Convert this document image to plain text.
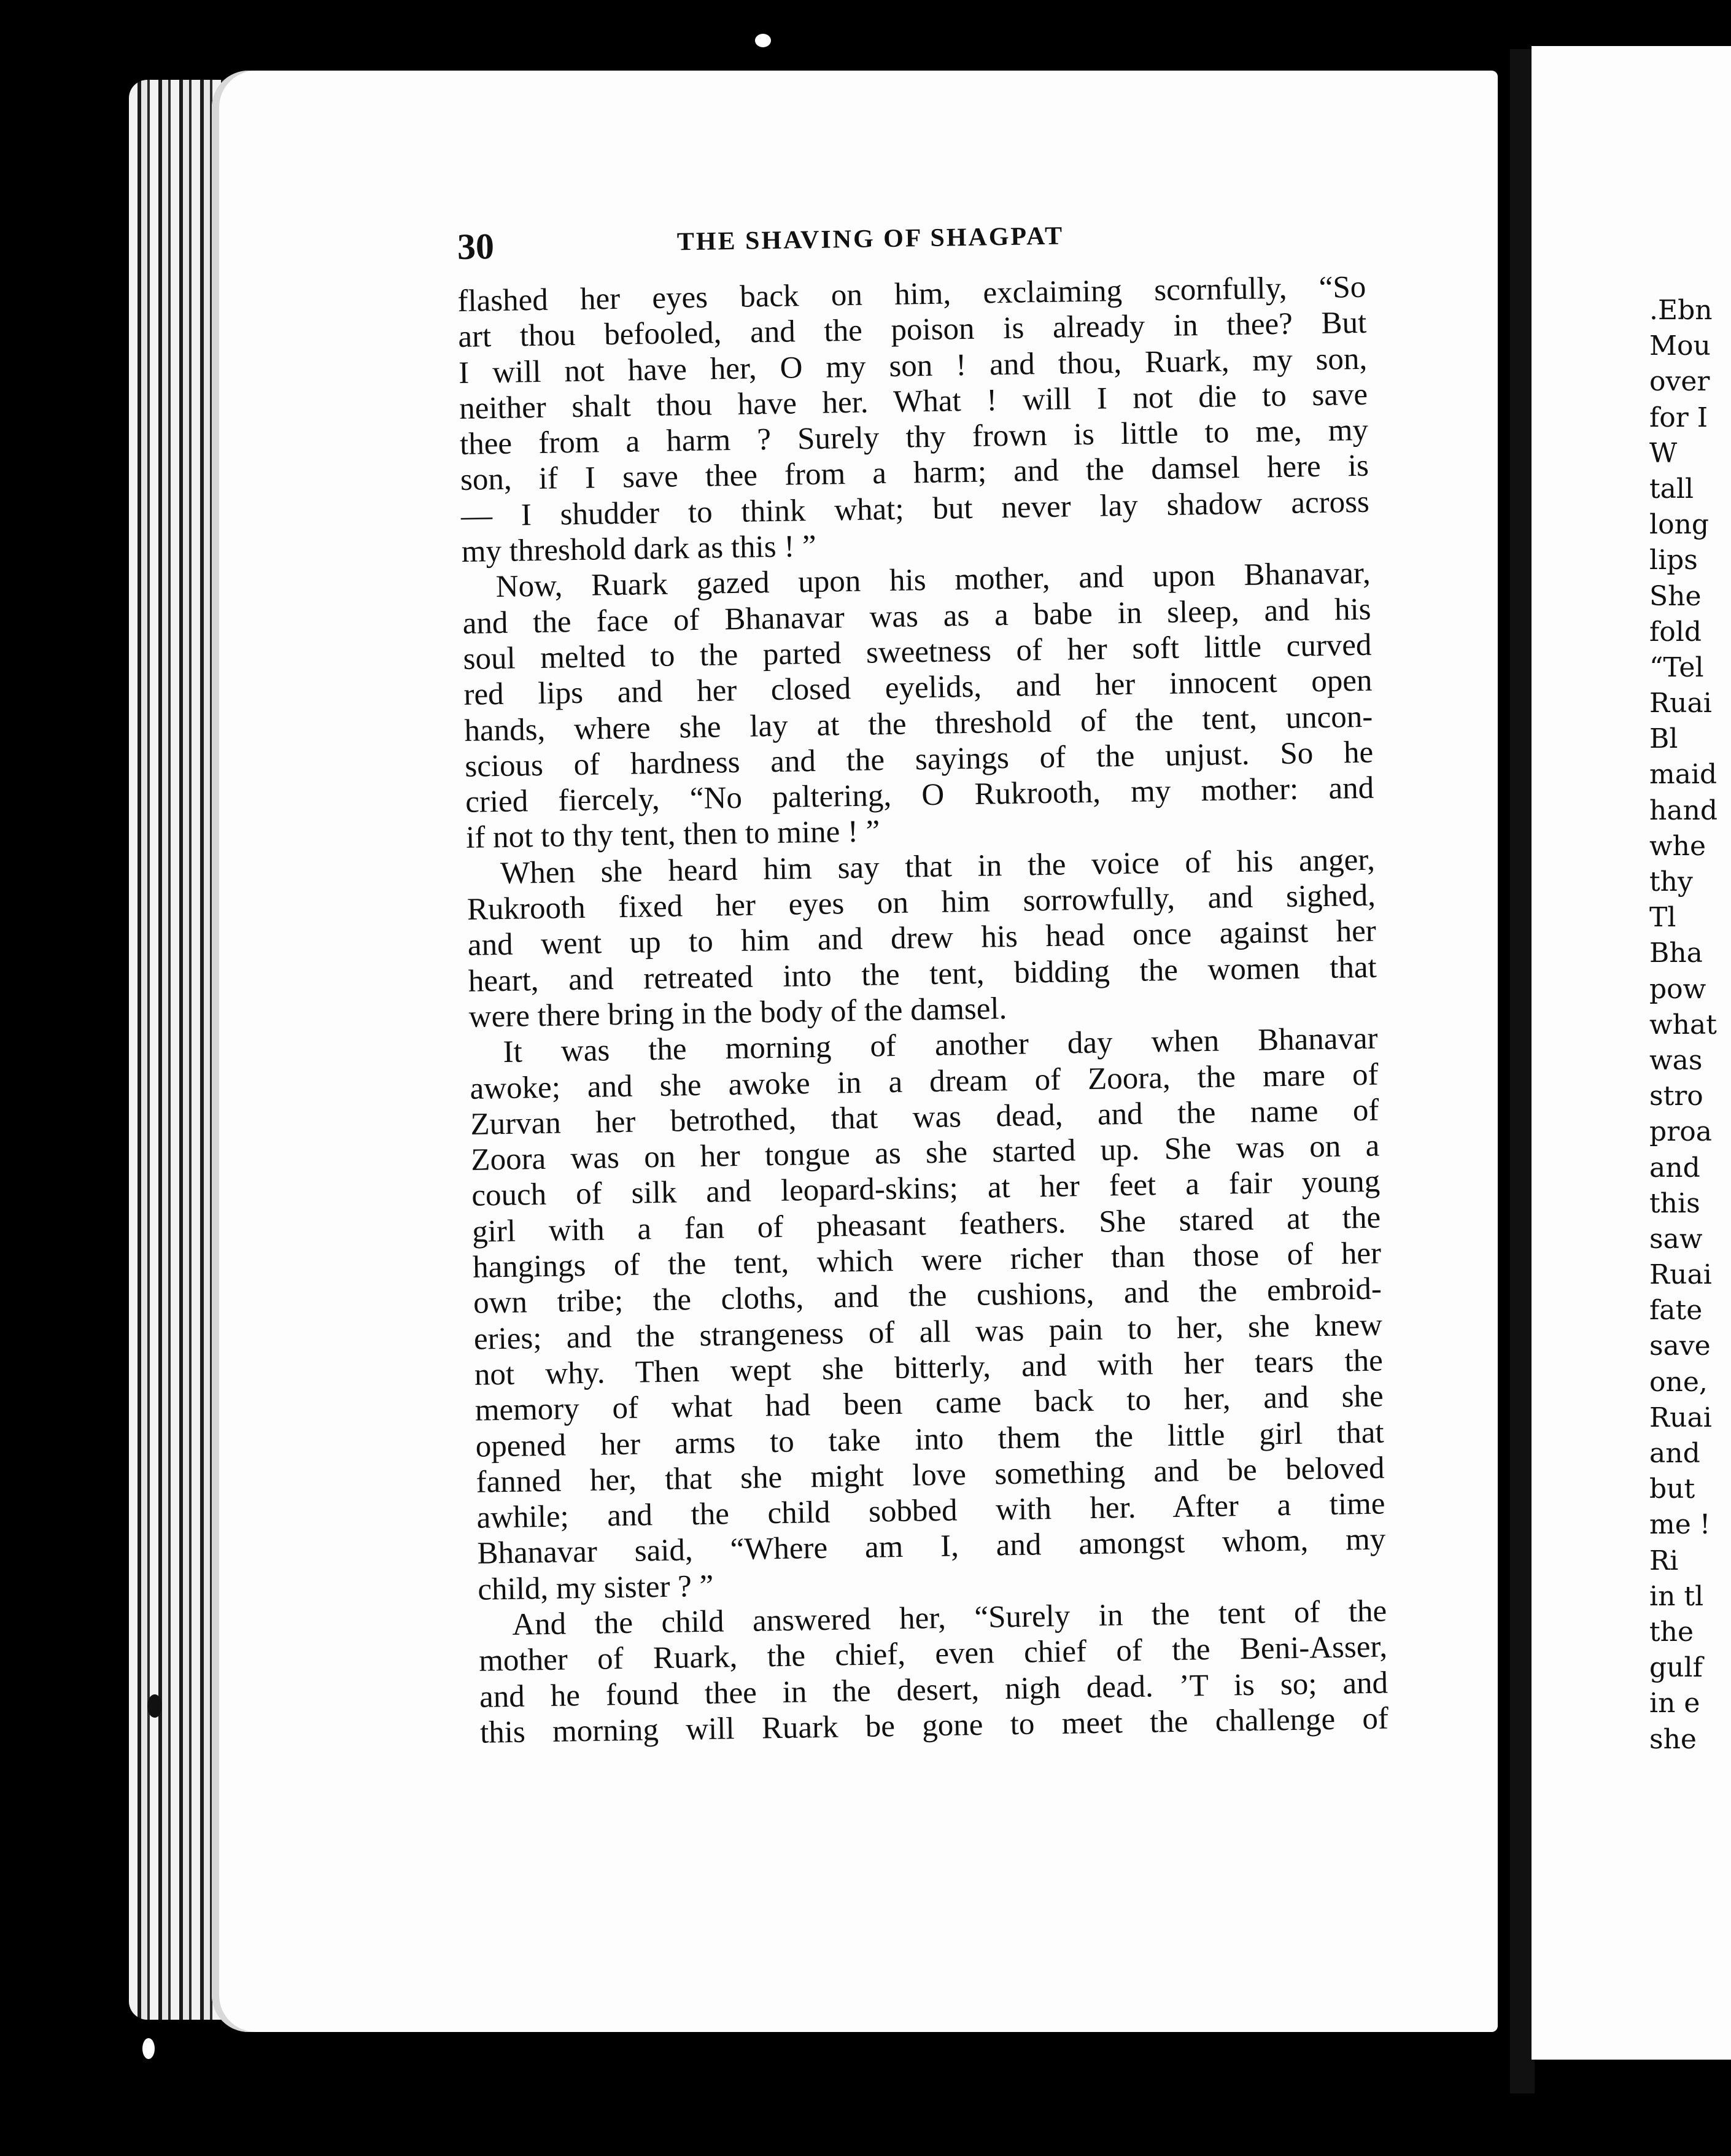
30	THE SHAVING OF SHAGPAT
flashed her eyes back on him, exclaiming scornfully, “So
art thou befooled, and the poison is already in thee? But
I will not have her, O my son ! and thou, Ruark, my son,
neither shalt thou have her. What ! will I not die to save
thee from a harm ? Surely thy frown is little to me, my
son, if I save thee from a harm; and the damsel here is
— I shudder to think what; but never lay shadow across
my threshold dark as this ! ”
Now, Ruark gazed upon his mother, and upon Bhanavar,
and the face of Bhanavar was as a babe in sleep, and his
soul melted to the parted sweetness of her soft little curved
red lips and her closed eyelids, and her innocent open
hands, where she lay at the threshold of the tent, uncon-
scious of hardness and the sayings of the unjust. So he
cried fiercely, “No paltering, O Rukrooth, my mother: and
if not to thy tent, then to mine ! ”
When she heard him say that in the voice of his anger,
Rukrooth fixed her eyes on him sorrowfully, and sighed,
and went up to him and drew his head once against her
heart, and retreated into the tent, bidding the women that
were there bring in the body of the damsel.
It was the morning of another day when Bhanavar
awoke; and she awoke in a dream of Zoora, the mare of
Zurvan her betrothed, that was dead, and the name of
Zoora was on her tongue as she started up. She was on a
couch of silk and leopard-skins; at her feet a fair young
girl with a fan of pheasant feathers. She stared at the
hangings of the tent, which were richer than those of her
own tribe; the cloths, and the cushions, and the embroid-
eries; and the strangeness of all was pain to her, she knew
not why. Then wept she bitterly, and with her tears the
memory of what had been came back to her, and she
opened her arms to take into them the little girl that
fanned her, that she might love something and be beloved
awhile; and the child sobbed with her. After a time
Bhanavar said, “Where am I, and amongst whom, my
child, my sister ? ”
And the child answered her, “Surely in the tent of the
mother of Ruark, the chief, even chief of the Beni-Asser,
and he found thee in the desert, nigh dead. ’T is so; and
this morning will Ruark be gone to meet the challenge of
.Ebn
Mou
over
for I
W
tall
long
lips
She
fold
“Tel
Ruai
Bl
maid
hand
whe
thy
Tl
Bha
pow
what
was
stro
proa
and
this
saw
Ruai
fate
save
one,
Ruai
and
but
me !
Ri
in tl
the
gulf
in e
she
